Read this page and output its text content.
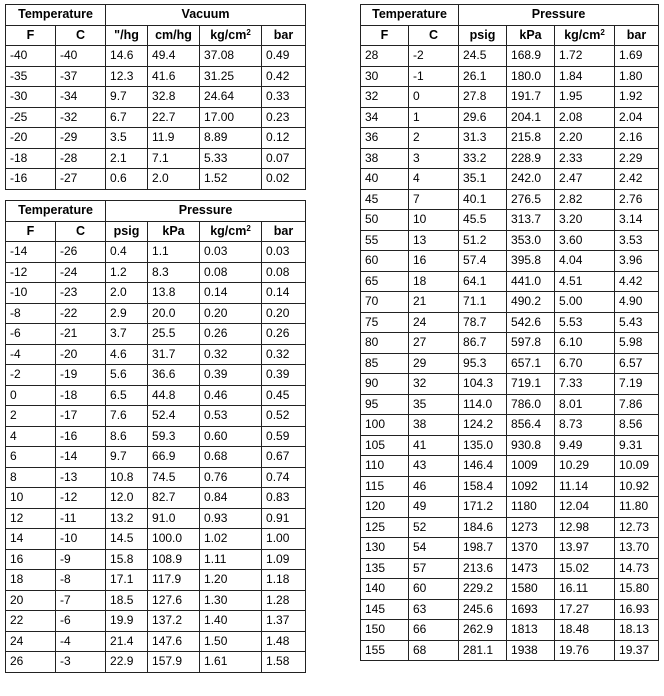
Temperature		Vacuum			
F	C	"/hg	cm/hg	$kg/cm^2$	bar
-40	-40	14.6	49.4	37.08	0.49
-35	-37	12.3	41.6	31.25	0.42
-30	-34	9.7	32.8	24.64	0.33
-25	-32	6.7	22.7	17.00	0.23
-20	-29	3.5	11.9	8.89	0.12
-18	-28	2.1	7.1	5.33	0.07
-16	-27	0.6	2.0	1.52	0.02
Temperature		Pressure			
F	C	psig	kPa	$kg/cm^2$	bar
-14	-26	0.4	1.1	0.03	0.03
-12	-24	1.2	8.3	0.08	0.08
-10	-23	2.0	13.8	0.14	0.14
-8	-22	2.9	20.0	0.20	0.20
-6	-21	3.7	25.5	0.26	0.26
-4	-20	4.6	31.7	0.32	0.32
-2	-19	5.6	36.6	0.39	0.39
0	-18	6.5	44.8	0.46	0.45
2	-17	7.6	52.4	0.53	0.52
4	-16	8.6	59.3	0.60	0.59
6	-14	9.7	66.9	0.68	0.67
8	-13	10.8	74.5	0.76	0.74
10	-12	12.0	82.7	0.84	0.83
12	-11	13.2	91.0	0.93	0.91
14	-10	14.5	100.0	1.02	1.00
16	-9	15.8	108.9	1.11	1.09
18	-8	17.1	117.9	1.20	1.18
20	-7	18.5	127.6	1.30	1.28
22	-6	19.9	137.2	1.40	1.37
24	-4	21.4	147.6	1.50	1.48
26	-3	22.9	157.9	1.61	1.58
Temperature		Pressure			
F	C	psig	kPa	$kg/cm^2$	bar
28	-2	24.5	168.9	1.72	1.69
30	-1	26.1	180.0	1.84	1.80
32	0	27.8	191.7	1.95	1.92
34	1	29.6	204.1	2.08	2.04
36	2	31.3	215.8	2.20	2.16
38	3	33.2	228.9	2.33	2.29
40	4	35.1	242.0	2.47	2.42
45	7	40.1	276.5	2.82	2.76
50	10	45.5	313.7	3.20	3.14
55	13	51.2	353.0	3.60	3.53
60	16	57.4	395.8	4.04	3.96
65	18	64.1	441.0	4.51	4.42
70	21	71.1	490.2	5.00	4.90
75	24	78.7	542.6	5.53	5.43
80	27	86.7	597.8	6.10	5.98
85	29	95.3	657.1	6.70	6.57
90	32	104.3	719.1	7.33	7.19
95	35	114.0	786.0	8.01	7.86
100	38	124.2	856.4	8.73	8.56
105	41	135.0	930.8	9.49	9.31
110	43	146.4	1009	10.29	10.09
115	46	158.4	1092	11.14	10.92
120	49	171.2	1180	12.04	11.80
125	52	184.6	1273	12.98	12.73
130	54	198.7	1370	13.97	13.70
135	57	213.6	1473	15.02	14.73
140	60	229.2	1580	16.11	15.80
145	63	245.6	1693	17.27	16.93
150	66	262.9	1813	18.48	18.13
155	68	281.1	1938	19.76	19.37
